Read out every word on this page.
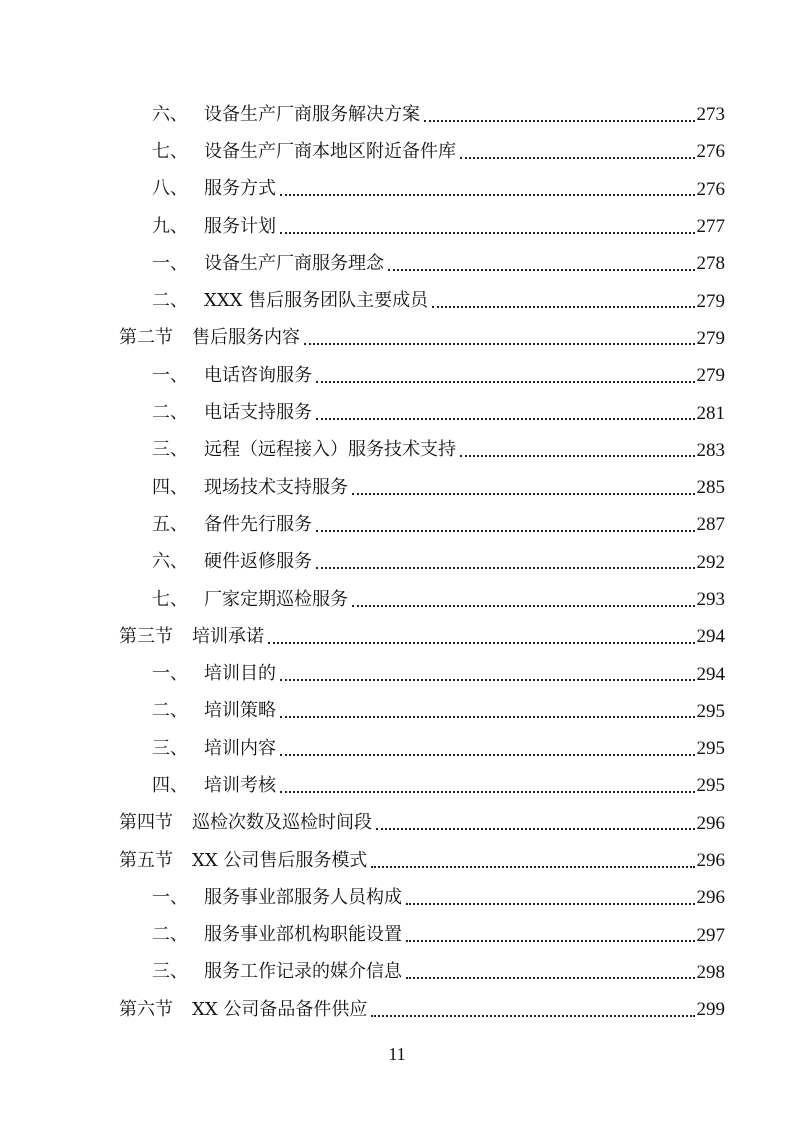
六、 设备生产厂商服务解决方案	273
七、 设备生产厂商本地区附近备件库	276
八、 服务方式	276
九、 服务计划	277
一、 设备生产厂商服务理念	278
二、 XXX 售后服务团队主要成员	279
第二节	售后服务内容	279
一、 电话咨询服务	279
二、 电话支持服务	281
三、 远程（远程接入）服务技术支持	283
四、 现场技术支持服务	285
五、 备件先行服务	287
六、 硬件返修服务	292
七、 厂家定期巡检服务	293
第三节	培训承诺	294
一、 培训目的	294
二、 培训策略	295
三、 培训内容	295
四、 培训考核	295
第四节	巡检次数及巡检时间段	296
第五节	XX 公司售后服务模式	296
一、 服务事业部服务人员构成	296
二、 服务事业部机构职能设置	297
三、 服务工作记录的媒介信息	298
第六节	XX 公司备品备件供应	299
11
